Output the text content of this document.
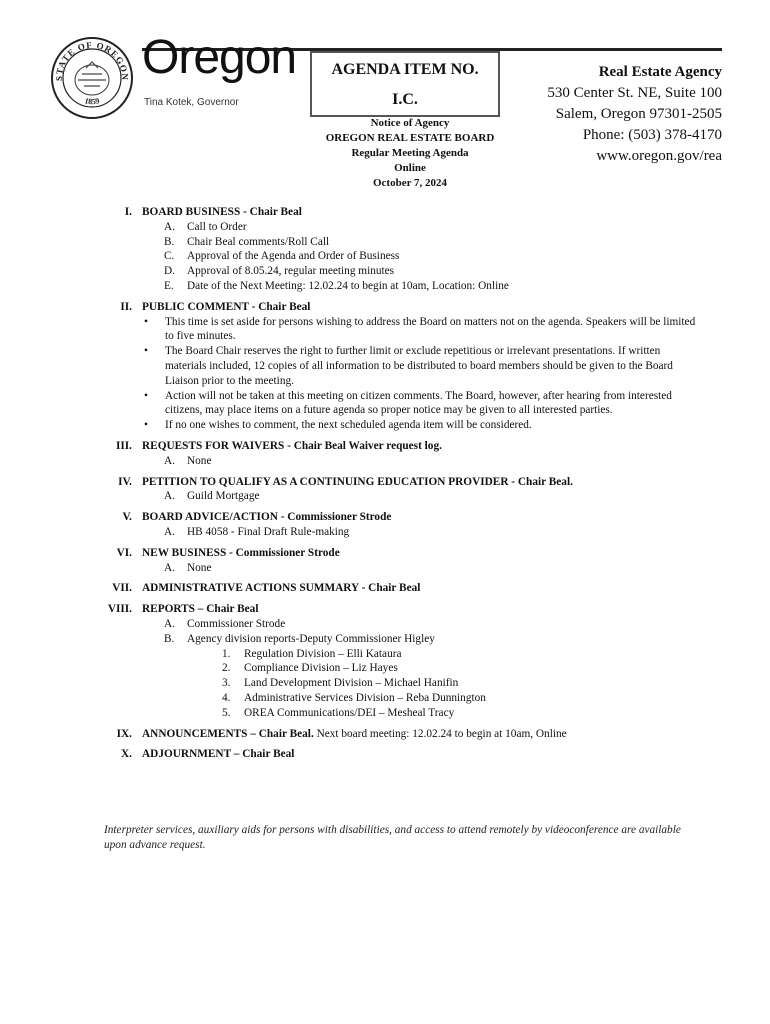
STATE OF OREGON
1859
Oregon
Tina Kotek, Governor
AGENDA ITEM NO.
I.C.
Notice of Agency
OREGON REAL ESTATE BOARD
Regular Meeting Agenda
Online
October 7, 2024
Real Estate Agency
530 Center St. NE, Suite 100
Salem, Oregon 97301-2505
Phone: (503) 378-4170
www.oregon.gov/rea
I. BOARD BUSINESS - Chair Beal
A. Call to Order
B. Chair Beal comments/Roll Call
C. Approval of the Agenda and Order of Business
D. Approval of 8.05.24, regular meeting minutes
E. Date of the Next Meeting: 12.02.24 to begin at 10am, Location: Online
II. PUBLIC COMMENT - Chair Beal
• This time is set aside for persons wishing to address the Board on matters not on the agenda. Speakers will be limited to five minutes.
• The Board Chair reserves the right to further limit or exclude repetitious or irrelevant presentations. If written materials included, 12 copies of all information to be distributed to board members should be given to the Board Liaison prior to the meeting.
• Action will not be taken at this meeting on citizen comments. The Board, however, after hearing from interested citizens, may place items on a future agenda so proper notice may be given to all interested parties.
• If no one wishes to comment, the next scheduled agenda item will be considered.
III. REQUESTS FOR WAIVERS - Chair Beal Waiver request log.
A. None
IV. PETITION TO QUALIFY AS A CONTINUING EDUCATION PROVIDER - Chair Beal.
A. Guild Mortgage
V. BOARD ADVICE/ACTION - Commissioner Strode
A. HB 4058 - Final Draft Rule-making
VI. NEW BUSINESS - Commissioner Strode
A. None
VII. ADMINISTRATIVE ACTIONS SUMMARY - Chair Beal
VIII. REPORTS – Chair Beal
A. Commissioner Strode
B. Agency division reports-Deputy Commissioner Higley
1. Regulation Division – Elli Kataura
2. Compliance Division – Liz Hayes
3. Land Development Division – Michael Hanifin
4. Administrative Services Division – Reba Dunnington
5. OREA Communications/DEI – Mesheal Tracy
IX. ANNOUNCEMENTS – Chair Beal. Next board meeting: 12.02.24 to begin at 10am, Online
X. ADJOURNMENT – Chair Beal
Interpreter services, auxiliary aids for persons with disabilities, and access to attend remotely by videoconference are available upon advance request.
